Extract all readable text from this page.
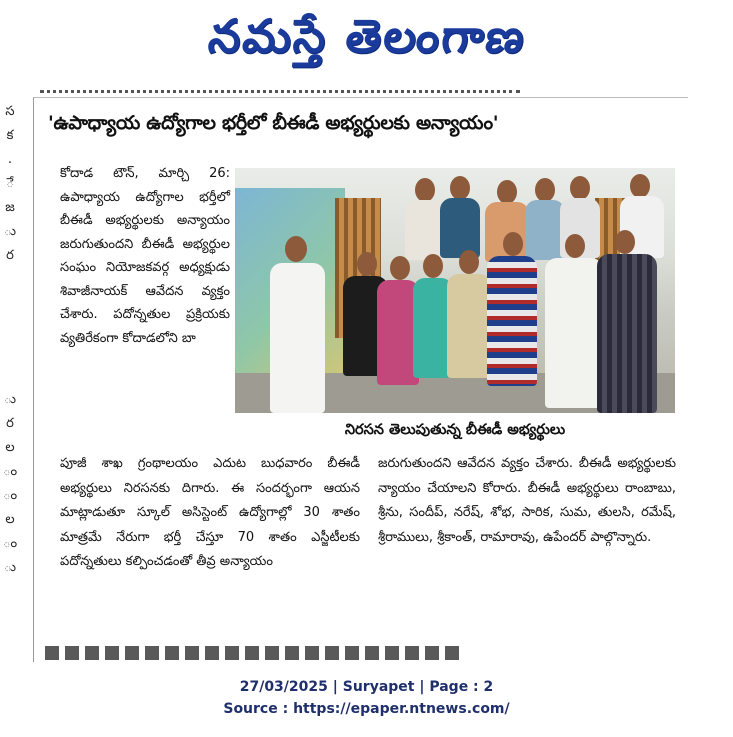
నమస్తే తెలంగాణ
స
క
.
ే
జ
ు
ర
ు
ర
ల
ం
ం
ల
ం
ు
'ఉపాధ్యాయ ఉద్యోగాల భర్తీలో బీఈడీ అభ్యర్థులకు అన్యాయం'

కోదాడ టౌన్, మార్చి 26: ఉపాధ్యాయ ఉద్యోగాల భర్తీలో బీఈడీ అభ్యర్థులకు అన్యాయం జరుగుతుందని బీఈడీ అభ్యర్థుల సంఘం నియోజకవర్గ అధ్యక్షుడు శివాజీనాయక్ ఆవేదన వ్యక్తం చేశారు. పదోన్నతుల ప్రక్రియకు వ్యతిరేకంగా కోదాడలోని బా

నిరసన తెలుపుతున్న బీఈడీ అభ్యర్థులు

పూజీ శాఖ గ్రంథాలయం ఎదుట బుధవారం బీఈడీ అభ్యర్థులు నిరసనకు దిగారు. ఈ సందర్భంగా ఆయన మాట్లాడుతూ స్కూల్ అసిస్టెంట్ ఉద్యోగాల్లో 30 శాతం మాత్రమే నేరుగా భర్తీ చేస్తూ 70 శాతం ఎస్జీటీలకు పదోన్నతులు కల్పించడంతో తీవ్ర అన్యాయం

జరుగుతుందని ఆవేదన వ్యక్తం చేశారు. బీఈడీ అభ్యర్థులకు న్యాయం చేయాలని కోరారు. బీఈడీ అభ్యర్థులు రాంబాబు, శ్రీను, సందీప్, నరేష్, శోభ, సారిక, సుమ, తులసి, రమేష్, శ్రీరాములు, శ్రీకాంత్, రామారావు, ఉపేందర్ పాల్గొన్నారు.

27/03/2025 | Suryapet | Page : 2
Source : https://epaper.ntnews.com/
